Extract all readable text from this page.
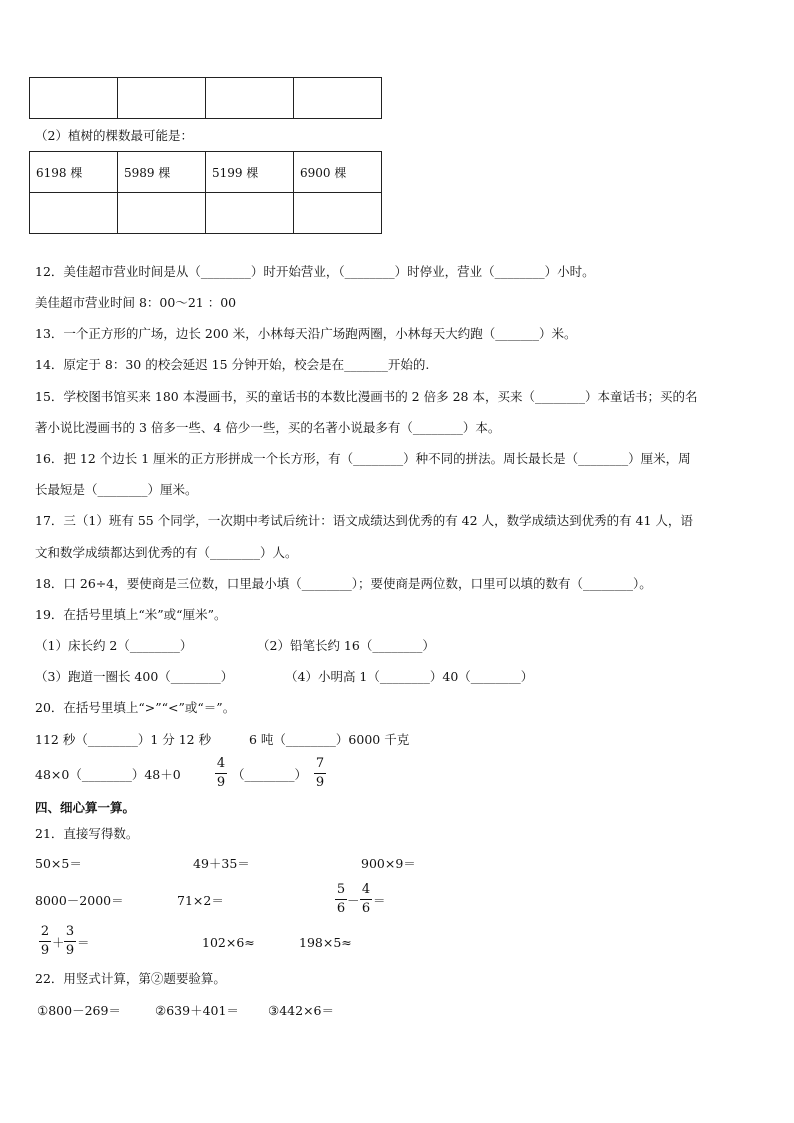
（2）植树的棵数最可能是：
6198 棵	5989 棵	5199 棵	6900 棵

12．美佳超市营业时间是从（________）时开始营业，（________）时停业，营业（________）小时。
美佳超市营业时间 8：00～21 ：00
13．一个正方形的广场，边长 200 米，小林每天沿广场跑两圈，小林每天大约跑（_______）米。
14．原定于 8：30 的校会延迟 15 分钟开始，校会是在_______开始的.
15．学校图书馆买来 180 本漫画书，买的童话书的本数比漫画书的 2 倍多 28 本，买来（________）本童话书；买的名
著小说比漫画书的 3 倍多一些、4 倍少一些，买的名著小说最多有（________）本。
16．把 12 个边长 1 厘米的正方形拼成一个长方形，有（________）种不同的拼法。周长最长是（________）厘米，周
长最短是（________）厘米。
17．三（1）班有 55 个同学，一次期中考试后统计：语文成绩达到优秀的有 42 人，数学成绩达到优秀的有 41 人，语
文和数学成绩都达到优秀的有（________）人。
18．口 26÷4，要使商是三位数，口里最小填（________）；要使商是两位数，口里可以填的数有（________）。
19．在括号里填上“米”或“厘米”。
（1）床长约 2（________）	（2）铅笔长约 16（________）
（3）跑道一圈长 400（________）	（4）小明高 1（________）40（________）
20．在括号里填上“>”“<”或“＝”。
112 秒（________）1 分 12 秒	6 吨（________）6000 千克
48×0（________）48＋0
4
9
（________）
7
9
四、细心算一算。
21．直接写得数。
50×5＝	49＋35＝	900×9＝
8000－2000＝	71×2＝
5
6
－
4
6
＝
2
9
＋
3
9
＝	102×6≈	198×5≈
22．用竖式计算，第②题要验算。
①800－269＝	②639＋401＝ ③442×6＝
